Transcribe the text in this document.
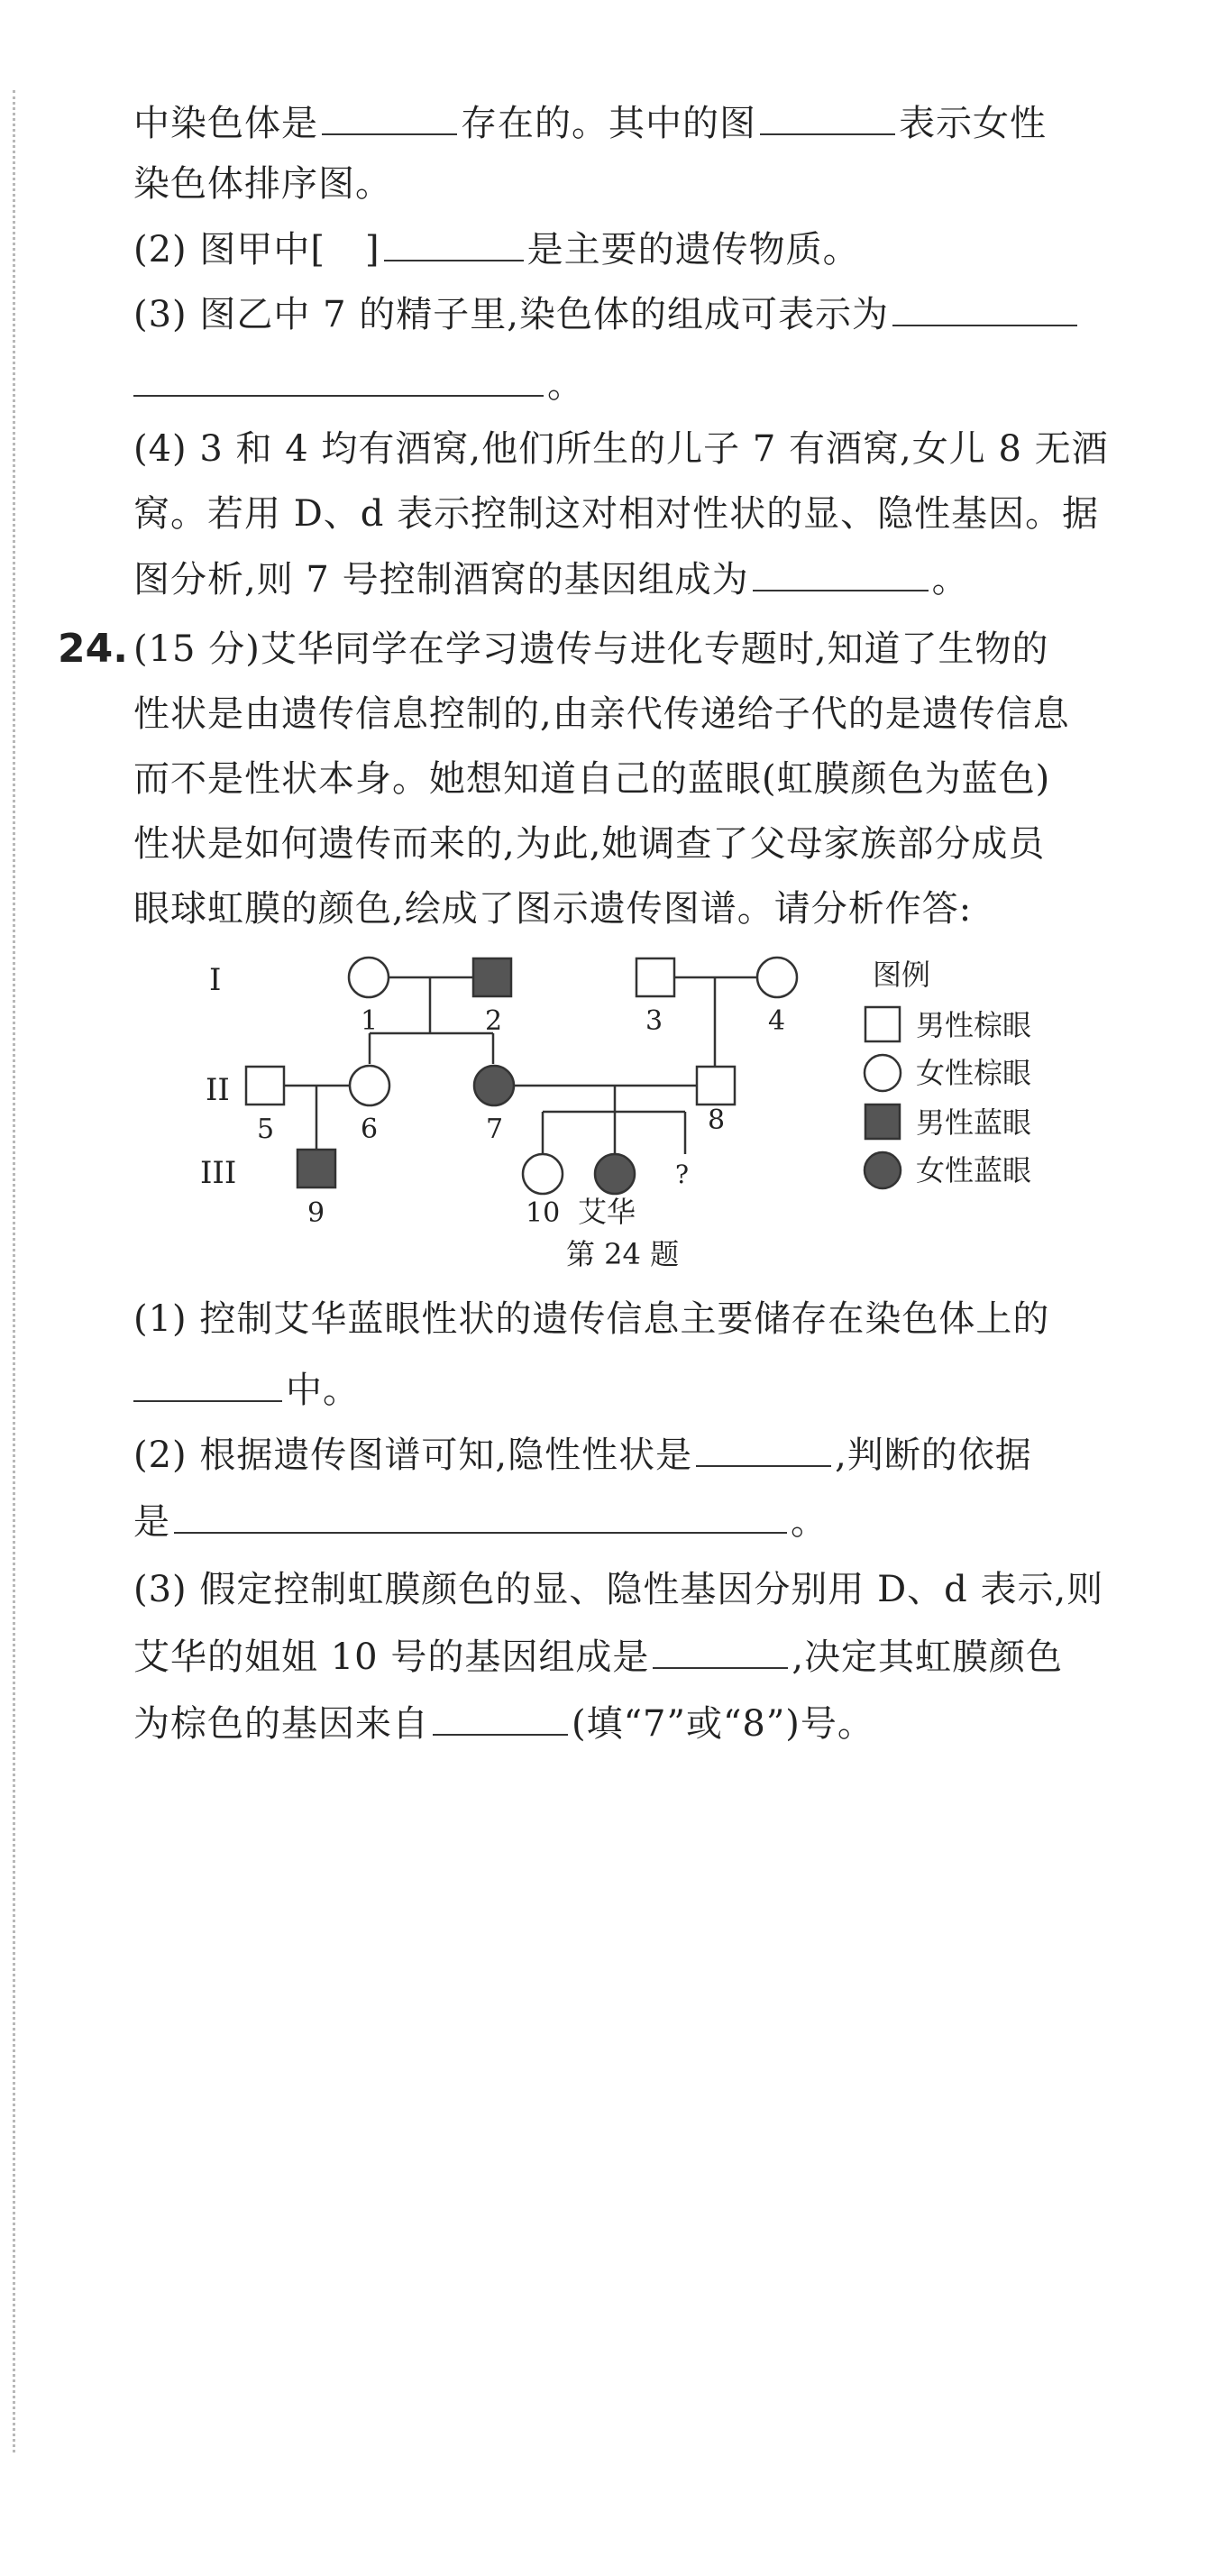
中染色体是	存在的。其中的图	表示女性
染色体排序图。
(2) 图甲中[ ]	是主要的遗传物质。
(3) 图乙中 7 的精子里,染色体的组成可表示为
。
(4) 3 和 4 均有酒窝,他们所生的儿子 7 有酒窝,女儿 8 无酒
窝。若用 D、d 表示控制这对相对性状的显、隐性基因。据
图分析,则 7 号控制酒窝的基因组成为	。
24. (15 分)艾华同学在学习遗传与进化专题时,知道了生物的
性状是由遗传信息控制的,由亲代传递给子代的是遗传信息
而不是性状本身。她想知道自己的蓝眼(虹膜颜色为蓝色)
性状是如何遗传而来的,为此,她调查了父母家族部分成员
眼球虹膜的颜色,绘成了图示遗传图谱。请分析作答:
I
II
III
1	2	3	4
5	6	7	8
9	10 艾华
?
第 24 题
图例
男性棕眼
女性棕眼
男性蓝眼
女性蓝眼
(1) 控制艾华蓝眼性状的遗传信息主要储存在染色体上的
中。
(2) 根据遗传图谱可知,隐性性状是	,判断的依据
是	。
(3) 假定控制虹膜颜色的显、隐性基因分别用 D、d 表示,则
艾华的姐姐 10 号的基因组成是	,决定其虹膜颜色
为棕色的基因来自	(填“7”或“8”)号。
